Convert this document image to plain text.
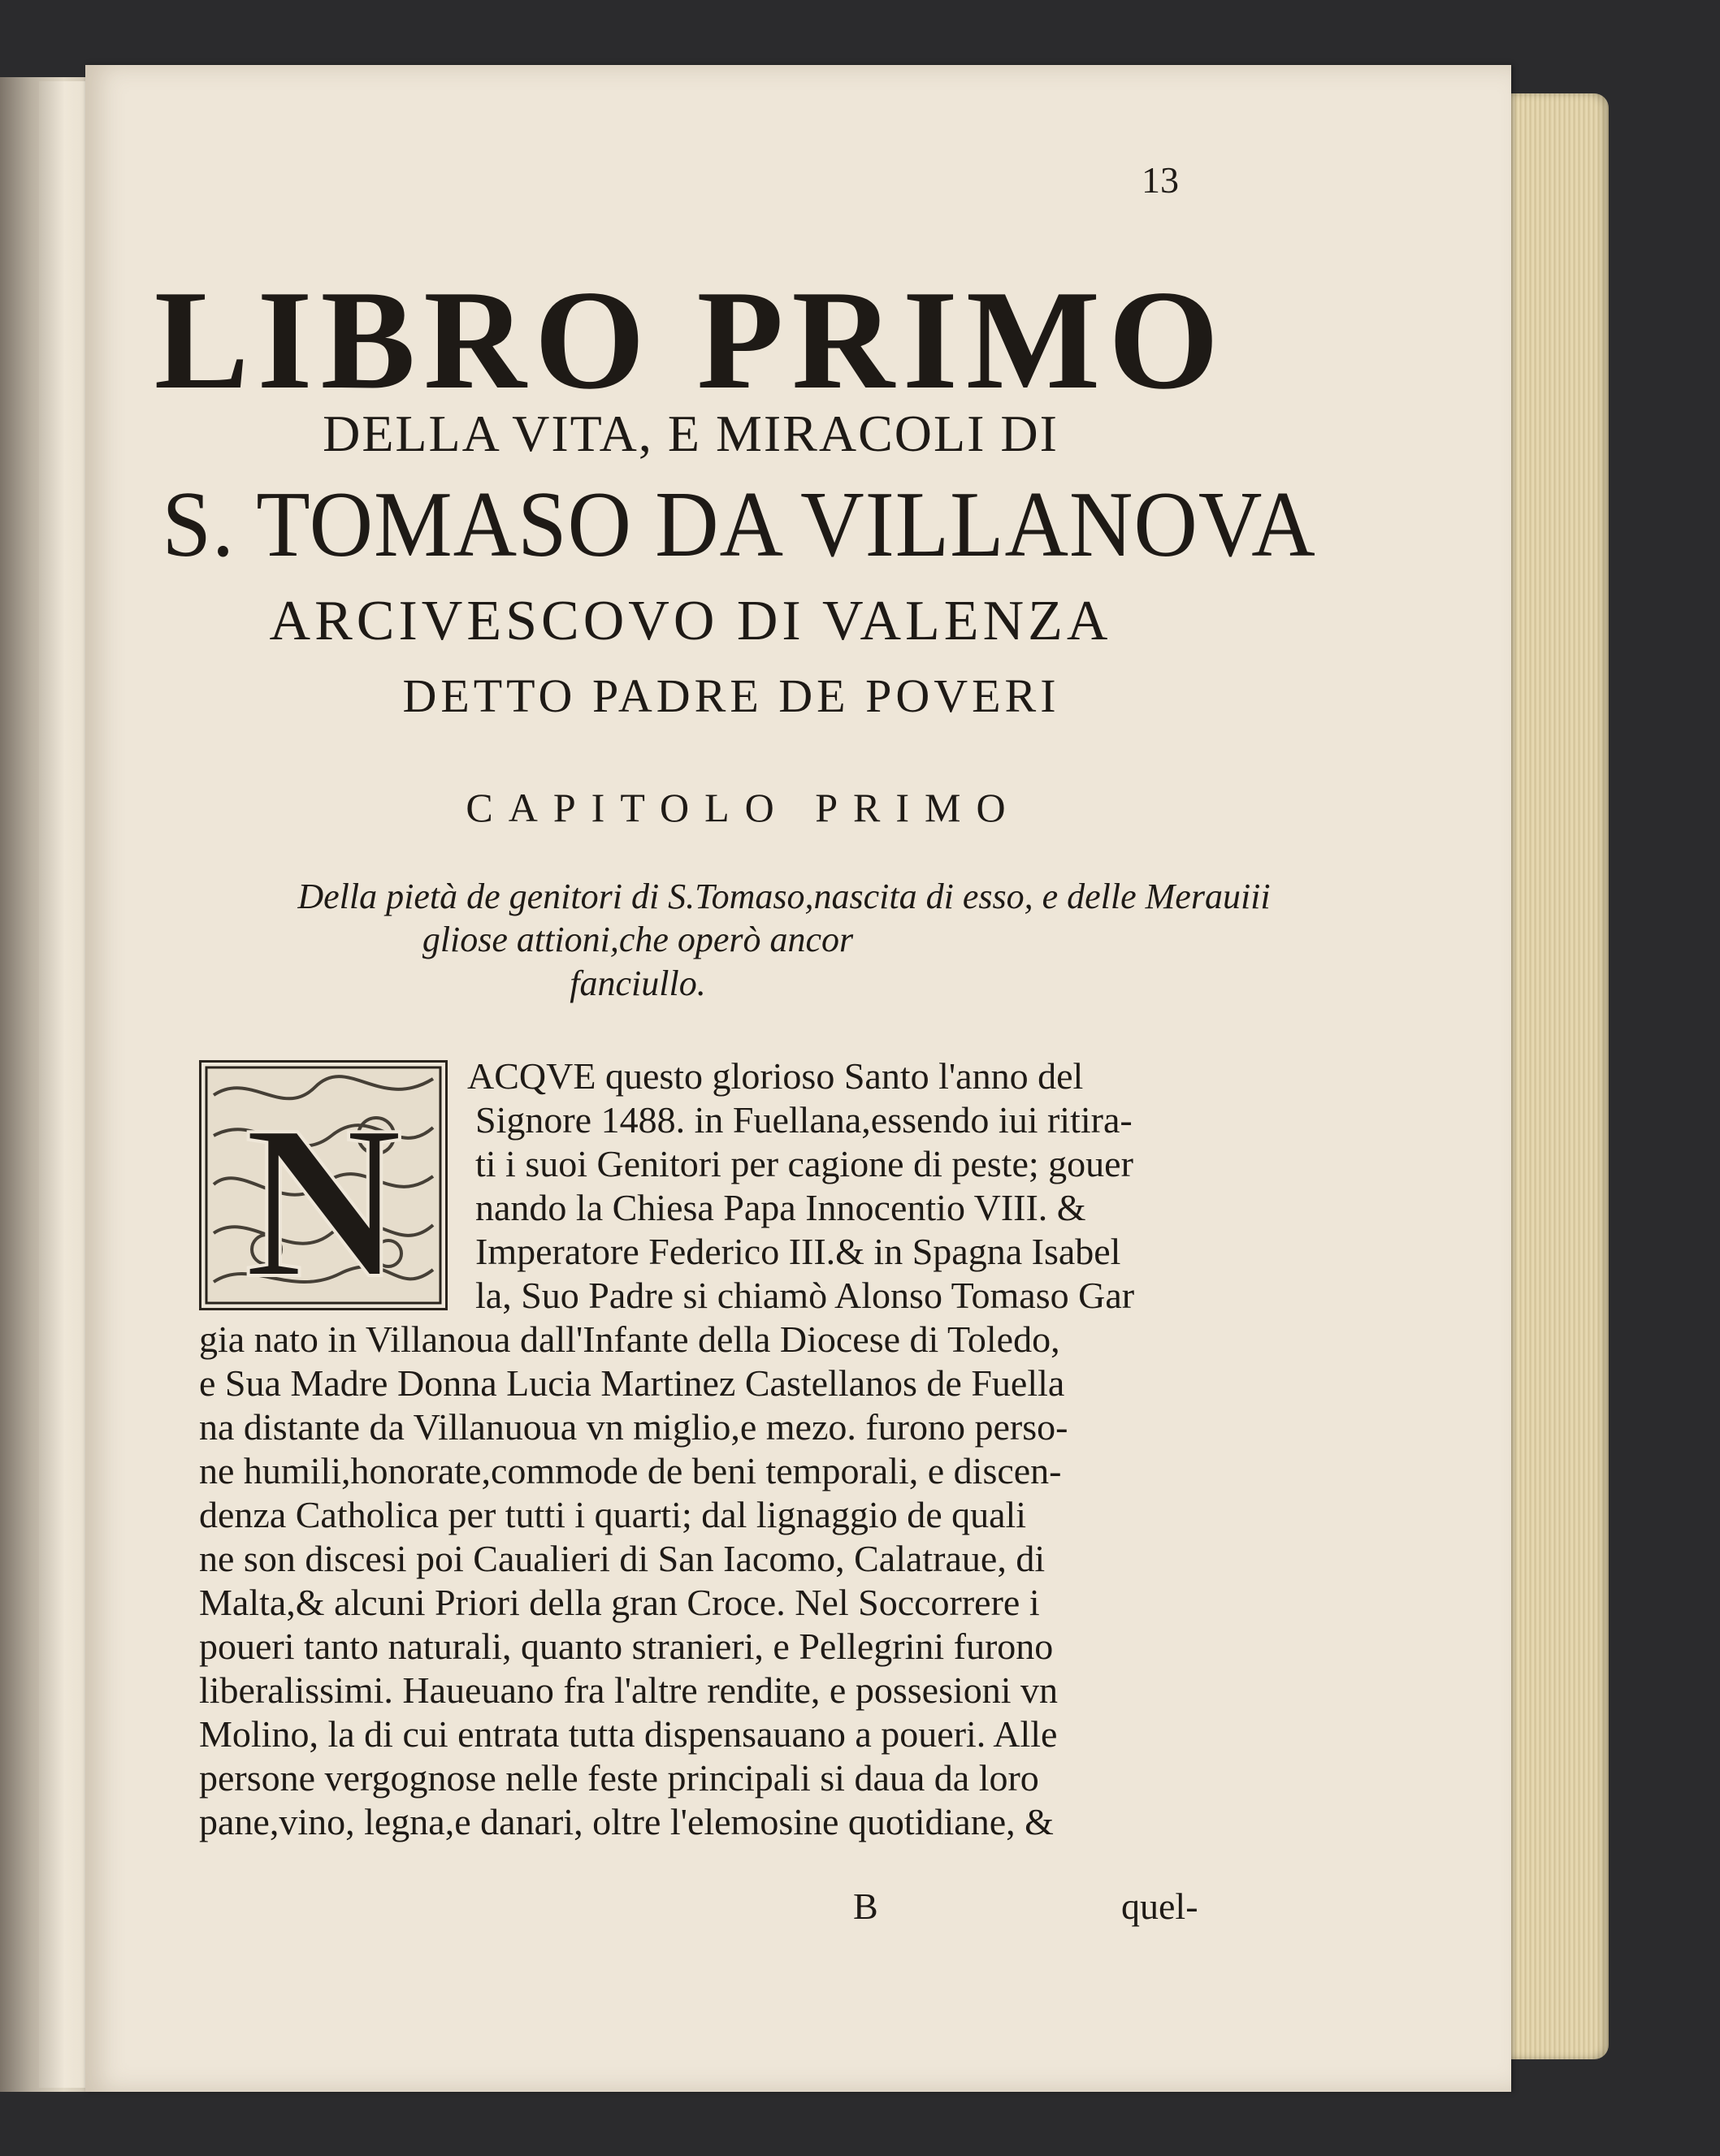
13
LIBRO PRIMO
DELLA VITA, E MIRACOLI DI
S. TOMASO DA VILLANOVA
ARCIVESCOVO DI VALENZA
DETTO PADRE DE POVERI
CAPITOLO PRIMO
Della pietà de genitori di S.Tomaso,nascita di esso, e delle Merauiii
gliose attioni,che operò ancor
fanciullo.
N
ACQVE questo glorioso Santo l'anno del
Signore 1488. in Fuellana,essendo iui ritira-
ti i suoi Genitori per cagione di peste; gouer
nando la Chiesa Papa Innocentio VIII. &
Imperatore Federico III.& in Spagna Isabel
la, Suo Padre si chiamò Alonso Tomaso Gar
gia nato in Villanoua dall'Infante della Diocese di Toledo,
e Sua Madre Donna Lucia Martinez Castellanos de Fuella
na distante da Villanuoua vn miglio,e mezo. furono perso-
ne humili,honorate,commode de beni temporali, e discen-
denza Catholica per tutti i quarti; dal lignaggio de quali
ne son discesi poi Caualieri di San Iacomo, Calatraue, di
Malta,& alcuni Priori della gran Croce. Nel Soccorrere i
poueri tanto naturali, quanto stranieri, e Pellegrini furono
liberalissimi. Haueuano fra l'altre rendite, e possesioni vn
Molino, la di cui entrata tutta dispensauano a poueri. Alle
persone vergognose nelle feste principali si daua da loro
pane,vino, legna,e danari, oltre l'elemosine quotidiane, &
B	quel-
